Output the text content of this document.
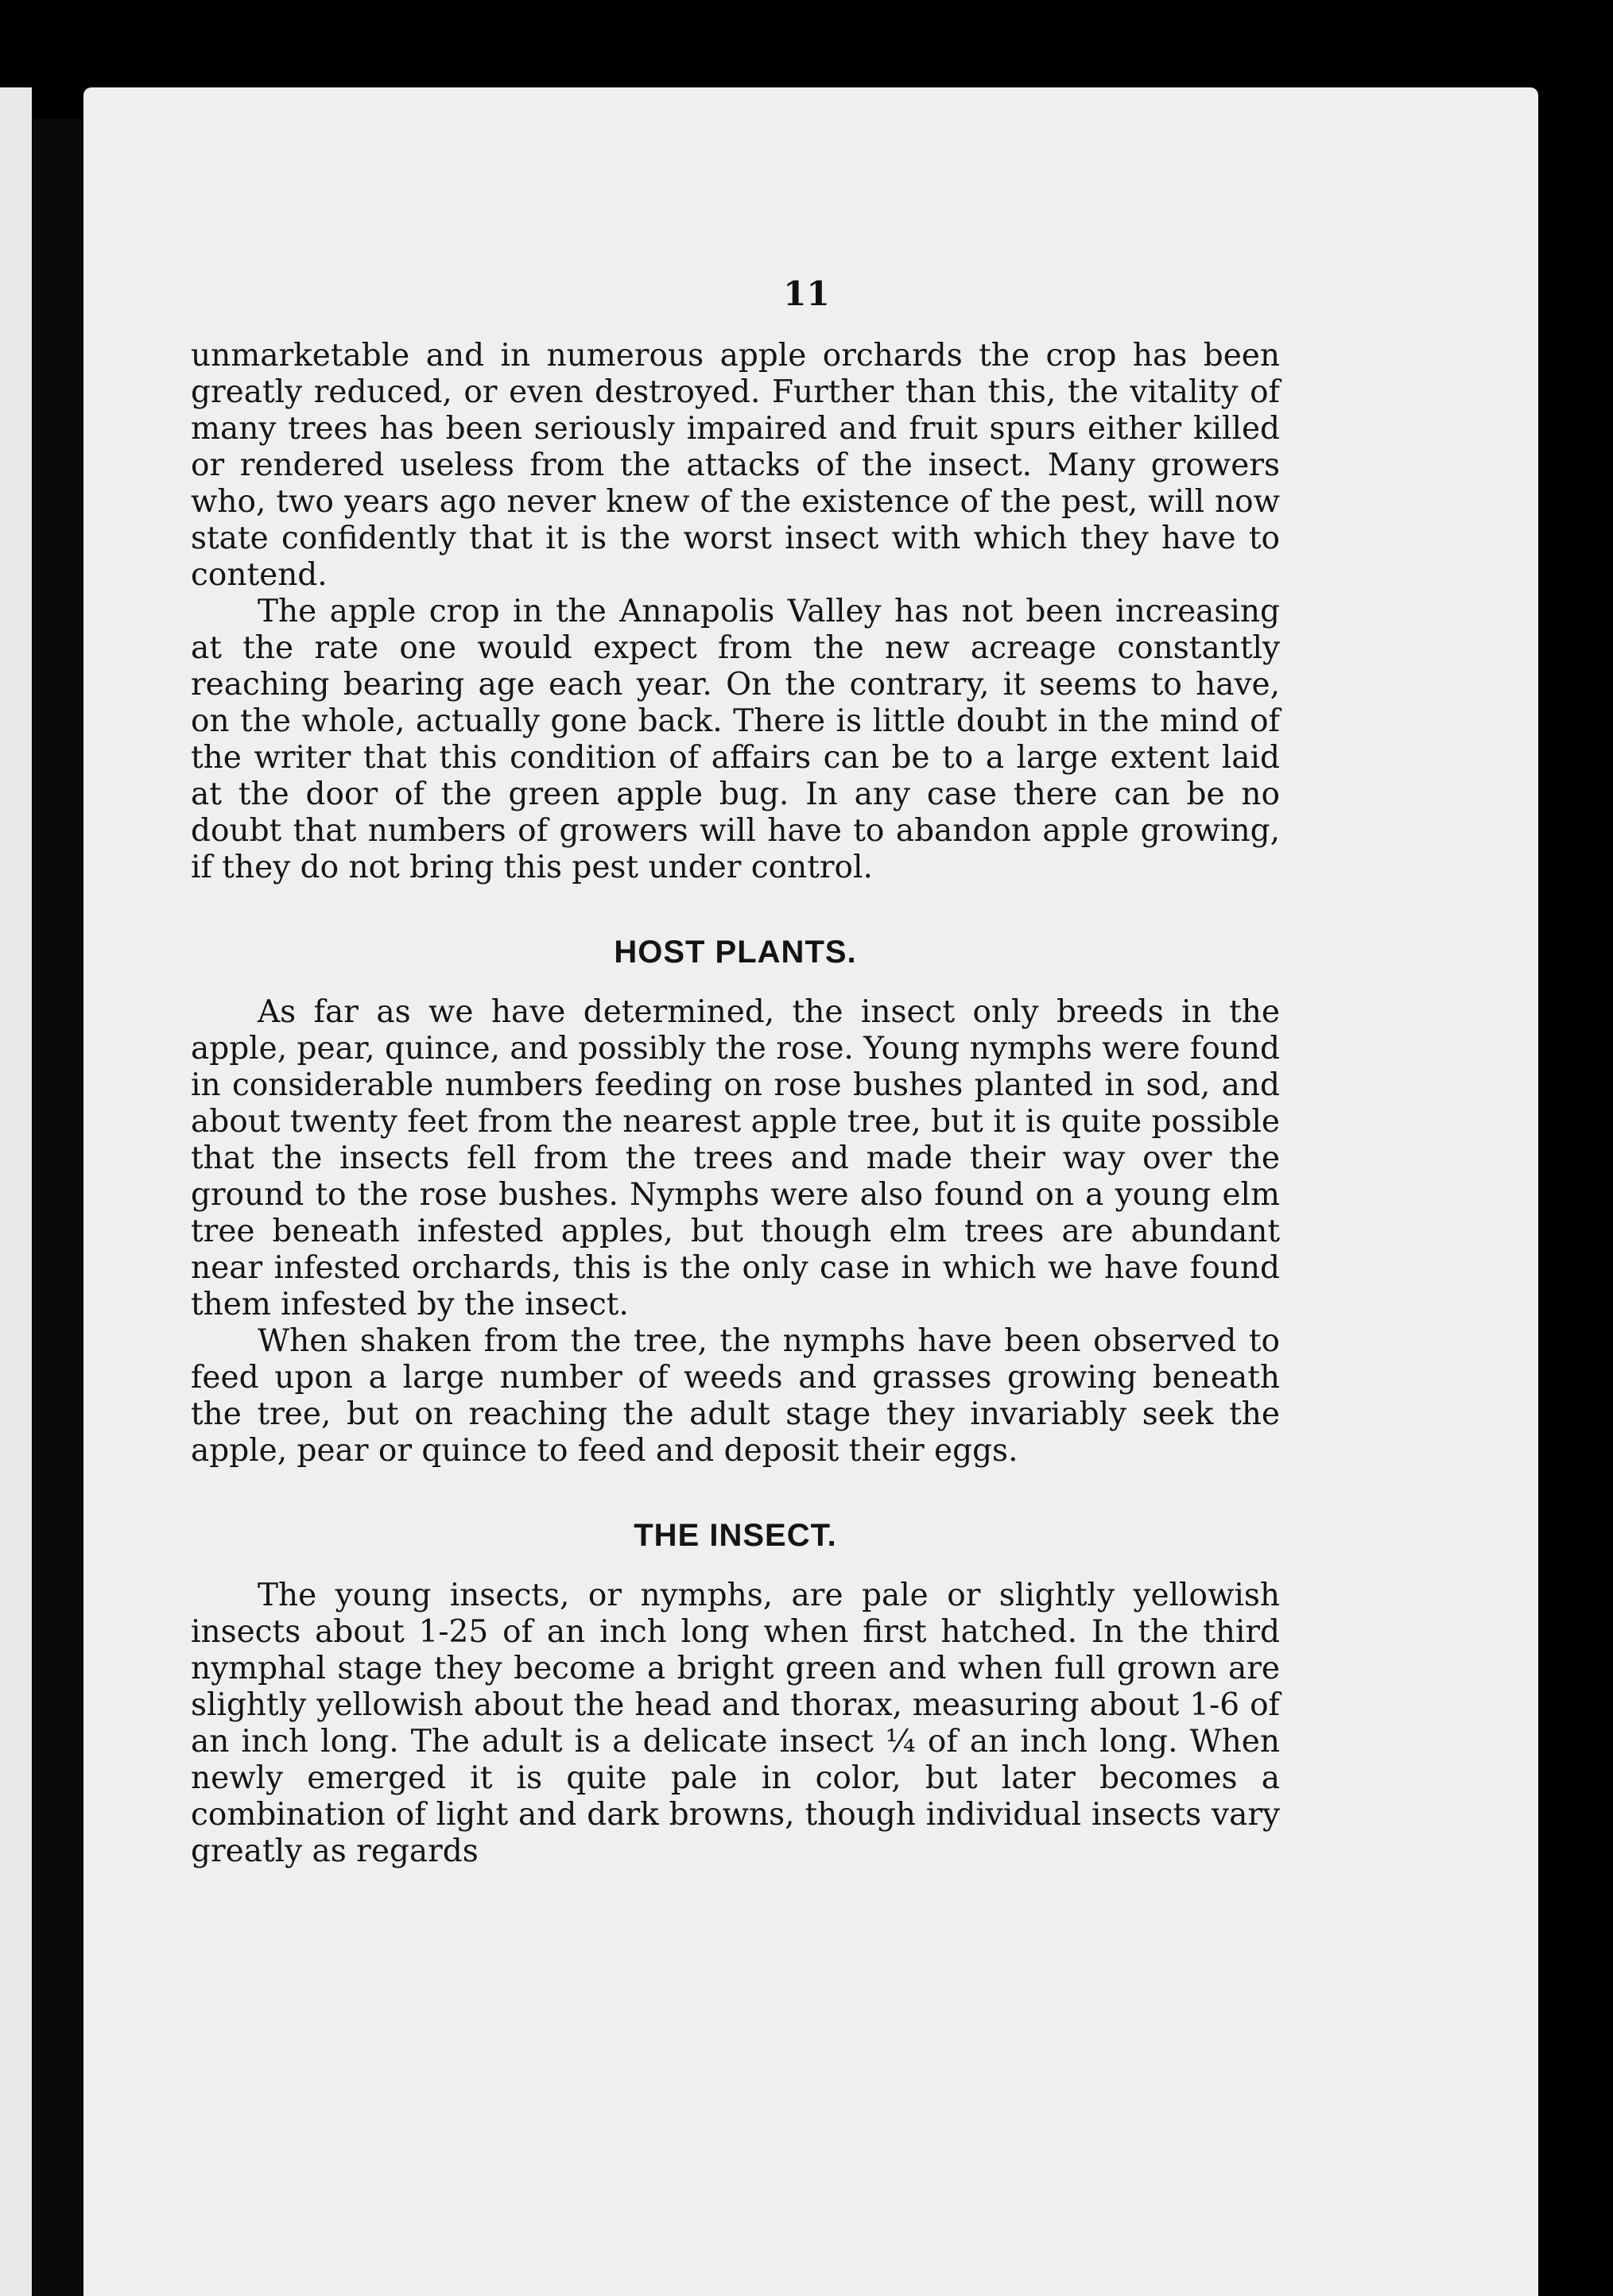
11

unmarketable and in numerous apple orchards the crop has been greatly reduced, or even destroyed. Further than this, the vitality of many trees has been seriously impaired and fruit spurs either killed or rendered useless from the attacks of the insect. Many growers who, two years ago never knew of the existence of the pest, will now state confidently that it is the worst insect with which they have to contend.

The apple crop in the Annapolis Valley has not been increasing at the rate one would expect from the new acreage constantly reaching bearing age each year. On the contrary, it seems to have, on the whole, actually gone back. There is little doubt in the mind of the writer that this condition of affairs can be to a large extent laid at the door of the green apple bug. In any case there can be no doubt that numbers of growers will have to abandon apple growing, if they do not bring this pest under control.

HOST PLANTS.

As far as we have determined, the insect only breeds in the apple, pear, quince, and possibly the rose. Young nymphs were found in considerable numbers feeding on rose bushes planted in sod, and about twenty feet from the nearest apple tree, but it is quite possible that the insects fell from the trees and made their way over the ground to the rose bushes. Nymphs were also found on a young elm tree beneath infested apples, but though elm trees are abundant near infested orchards, this is the only case in which we have found them infested by the insect.

When shaken from the tree, the nymphs have been observed to feed upon a large number of weeds and grasses growing beneath the tree, but on reaching the adult stage they invariably seek the apple, pear or quince to feed and deposit their eggs.

THE INSECT.

The young insects, or nymphs, are pale or slightly yellowish insects about 1-25 of an inch long when first hatched. In the third nymphal stage they become a bright green and when full grown are slightly yellowish about the head and thorax, measuring about 1-6 of an inch long. The adult is a delicate insect ¼ of an inch long. When newly emerged it is quite pale in color, but later becomes a combination of light and dark browns, though individual insects vary greatly as regards
